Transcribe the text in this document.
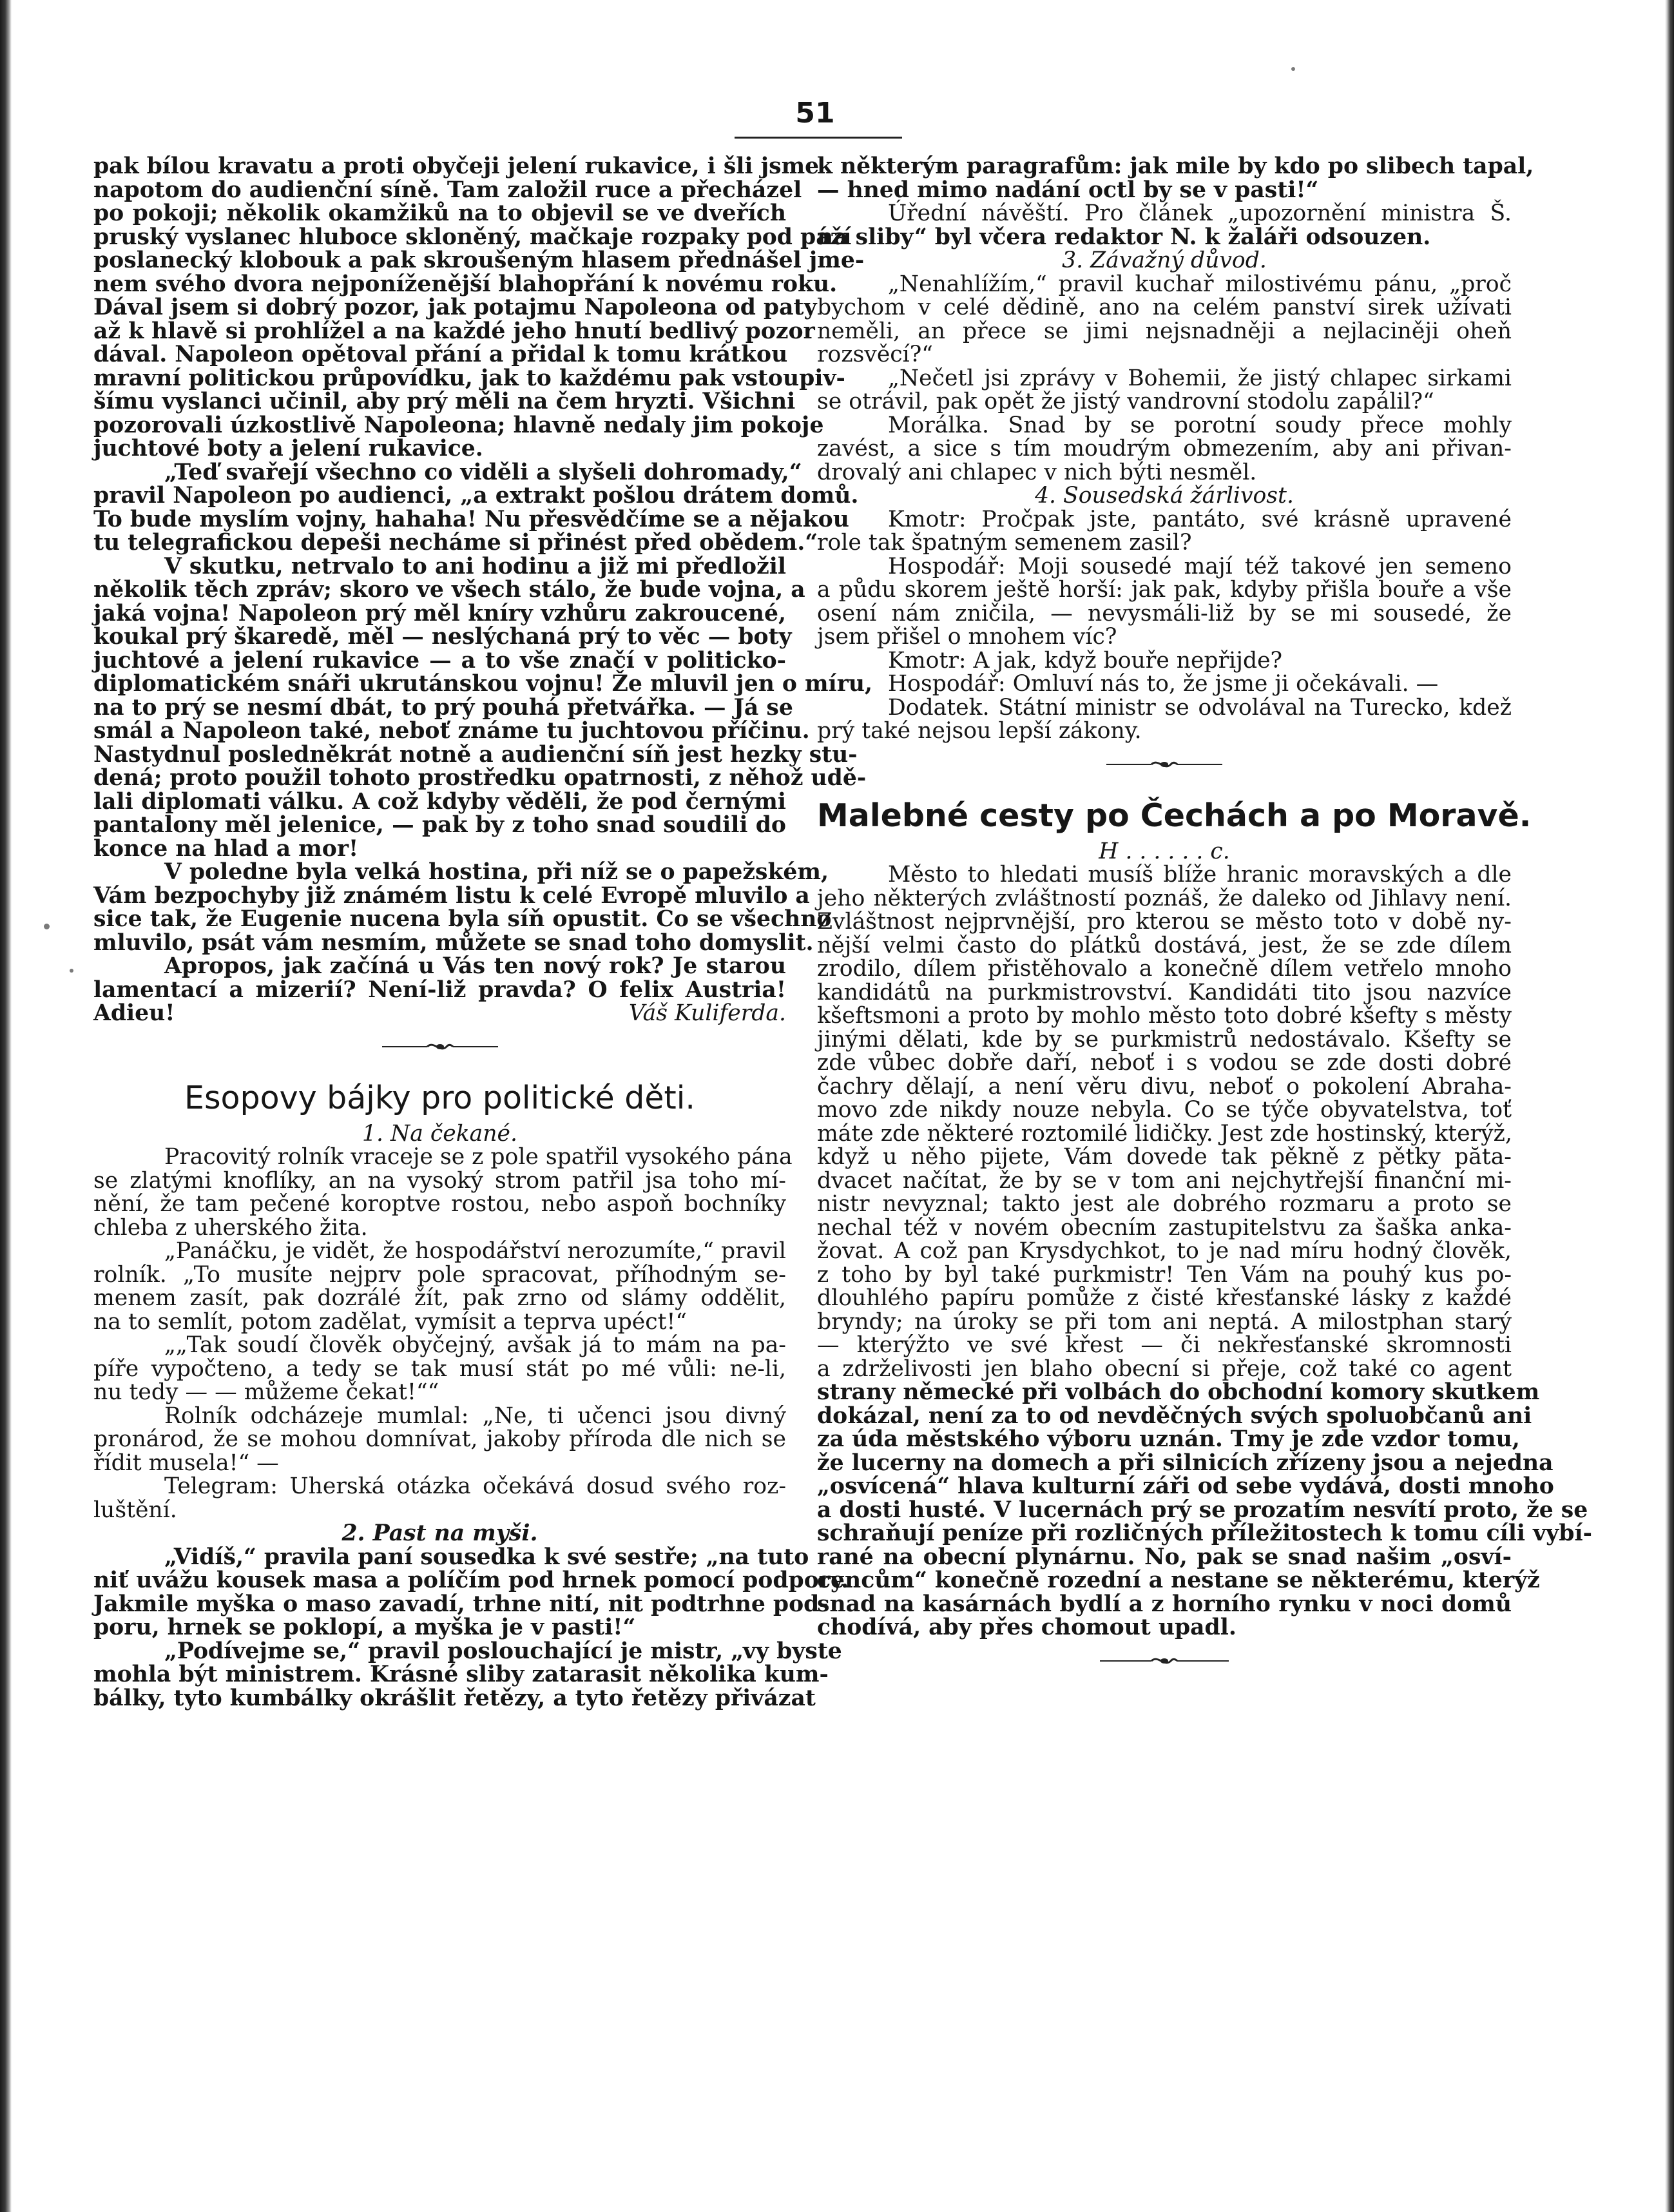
51
pak bílou kravatu a proti obyčeji jelení rukavice, i šli jsme
napotom do audienční síně. Tam založil ruce a přecházel
po pokoji; několik okamžiků na to objevil se ve dveřích
pruský vyslanec hluboce skloněný, mačkaje rozpaky pod páží
poslanecký klobouk a pak skroušeným hlasem přednášel jme-
nem svého dvora nejponíženější blahopřání k novému roku.
Dával jsem si dobrý pozor, jak potajmu Napoleona od paty
až k hlavě si prohlížel a na každé jeho hnutí bedlivý pozor
dával. Napoleon opětoval přání a přidal k tomu krátkou
mravní politickou průpovídku, jak to každému pak vstoupiv-
šímu vyslanci učinil, aby prý měli na čem hryzti. Všichni
pozorovali úzkostlivě Napoleona; hlavně nedaly jim pokoje
juchtové boty a jelení rukavice.
„Teď svařejí všechno co viděli a slyšeli dohromady,“
pravil Napoleon po audienci, „a extrakt pošlou drátem domů.
To bude myslím vojny, hahaha! Nu přesvědčíme se a nějakou
tu telegrafickou depeši necháme si přinést před obědem.“
V skutku, netrvalo to ani hodinu a již mi předložil
několik těch zpráv; skoro ve všech stálo, že bude vojna, a
jaká vojna! Napoleon prý měl kníry vzhůru zakroucené,
koukal prý škaredě, měl — neslýchaná prý to věc — boty
juchtové a jelení rukavice — a to vše značí v politicko-
diplomatickém snáři ukrutánskou vojnu! Že mluvil jen o míru,
na to prý se nesmí dbát, to prý pouhá přetvářka. — Já se
smál a Napoleon také, neboť známe tu juchtovou příčinu.
Nastydnul posledněkrát notně a audienční síň jest hezky stu-
dená; proto použil tohoto prostředku opatrnosti, z něhož udě-
lali diplomati válku. A což kdyby věděli, že pod černými
pantalony měl jelenice, — pak by z toho snad soudili do
konce na hlad a mor!
V poledne byla velká hostina, při níž se o papežském,
Vám bezpochyby již známém listu k celé Evropě mluvilo a
sice tak, že Eugenie nucena byla síň opustit. Co se všechno
mluvilo, psát vám nesmím, můžete se snad toho domyslit.
Apropos, jak začíná u Vás ten nový rok? Je starou
lamentací a mizerií? Není-liž pravda? O felix Austria!
Adieu!	Váš Kuliferda.
Esopovy bájky pro politické děti.
1. Na čekané.
Pracovitý rolník vraceje se z pole spatřil vysokého pána
se zlatými knoflíky, an na vysoký strom patřil jsa toho mí-
nění, že tam pečené koroptve rostou, nebo aspoň bochníky
chleba z uherského žita.
„Panáčku, je vidět, že hospodářství nerozumíte,“ pravil
rolník. „To musíte nejprv pole spracovat, příhodným se-
menem zasít, pak dozrálé žít, pak zrno od slámy oddělit,
na to semlít, potom zadělat, vymísit a teprva upéct!“
„„Tak soudí člověk obyčejný, avšak já to mám na pa-
píře vypočteno, a tedy se tak musí stát po mé vůli: ne-li,
nu tedy — — můžeme čekat!““
Rolník odcházeje mumlal: „Ne, ti učenci jsou divný
pronárod, že se mohou domnívat, jakoby příroda dle nich se
řídit musela!“ —
Telegram: Uherská otázka očekává dosud svého roz-
luštění.
2. Past na myši.
„Vidíš,“ pravila paní sousedka k své sestře; „na tuto
niť uvážu kousek masa a políčím pod hrnek pomocí podpory.
Jakmile myška o maso zavadí, trhne nití, nit podtrhne pod-
poru, hrnek se poklopí, a myška je v pasti!“
„Podívejme se,“ pravil poslouchající je mistr, „vy byste
mohla být ministrem. Krásné sliby zatarasit několika kum-
bálky, tyto kumbálky okrášlit řetězy, a tyto řetězy přivázat
k některým paragrafům: jak mile by kdo po slibech tapal,
— hned mimo nadání octl by se v pasti!“
Úřední návěští. Pro článek „upozornění ministra Š.
na sliby“ byl včera redaktor N. k žaláři odsouzen.
3. Závažný důvod.
„Nenahlížím,“ pravil kuchař milostivému pánu, „proč
bychom v celé dědině, ano na celém panství sirek užívati
neměli, an přece se jimi nejsnadněji a nejlaciněji oheň
rozsvěcí?“
„Nečetl jsi zprávy v Bohemii, že jistý chlapec sirkami
se otrávil, pak opět že jistý vandrovní stodolu zapálil?“
Morálka. Snad by se porotní soudy přece mohly
zavést, a sice s tím moudrým obmezením, aby ani přivan-
drovalý ani chlapec v nich býti nesměl.
4. Sousedská žárlivost.
Kmotr: Pročpak jste, pantáto, své krásně upravené
role tak špatným semenem zasil?
Hospodář: Moji sousedé mají též takové jen semeno
a půdu skorem ještě horší: jak pak, kdyby přišla bouře a vše
osení nám zničila, — nevysmáli-liž by se mi sousedé, že
jsem přišel o mnohem víc?
Kmotr: A jak, když bouře nepřijde?
Hospodář: Omluví nás to, že jsme ji očekávali. —
Dodatek. Státní ministr se odvolával na Turecko, kdež
prý také nejsou lepší zákony.
Malebné cesty po Čechách a po Moravě.
H . . . . . . c.
Město to hledati musíš blíže hranic moravských a dle
jeho některých zvláštností poznáš, že daleko od Jihlavy není.
Zvláštnost nejprvnější, pro kterou se město toto v době ny-
nější velmi často do plátků dostává, jest, že se zde dílem
zrodilo, dílem přistěhovalo a konečně dílem vetřelo mnoho
kandidátů na purkmistrovství. Kandidáti tito jsou nazvíce
kšeftsmoni a proto by mohlo město toto dobré kšefty s městy
jinými dělati, kde by se purkmistrů nedostávalo. Kšefty se
zde vůbec dobře daří, neboť i s vodou se zde dosti dobré
čachry dělají, a není věru divu, neboť o pokolení Abraha-
movo zde nikdy nouze nebyla. Co se týče obyvatelstva, toť
máte zde některé roztomilé lidičky. Jest zde hostinský, kterýž,
když u něho pijete, Vám dovede tak pěkně z pětky păta-
dvacet načítat, že by se v tom ani nejchytřejší finanční mi-
nistr nevyznal; takto jest ale dobrého rozmaru a proto se
nechal též v novém obecním zastupitelstvu za šaška anka-
žovat. A což pan Krysdychkot, to je nad míru hodný člověk,
z toho by byl také purkmistr! Ten Vám na pouhý kus po-
dlouhlého papíru pomůže z čisté křesťanské lásky z každé
bryndy; na úroky se při tom ani neptá. A milostphan starý
— kterýžto ve své křest — či nekřesťanské skromnosti
a zdrželivosti jen blaho obecní si přeje, což také co agent
strany německé při volbách do obchodní komory skutkem
dokázal, není za to od nevděčných svých spoluobčanů ani
za úda městského výboru uznán. Tmy je zde vzdor tomu,
že lucerny na domech a při silnicích zřízeny jsou a nejedna
„osvícená“ hlava kulturní záři od sebe vydává, dosti mnoho
a dosti husté. V lucernách prý se prozatím nesvítí proto, že se
schraňují peníze při rozličných příležitostech k tomu cíli vybí-
rané na obecní plynárnu. No, pak se snad našim „osví-
cencům“ konečně rozední a nestane se některému, kterýž
snad na kasárnách bydlí a z horního rynku v noci domů
chodívá, aby přes chomout upadl.
